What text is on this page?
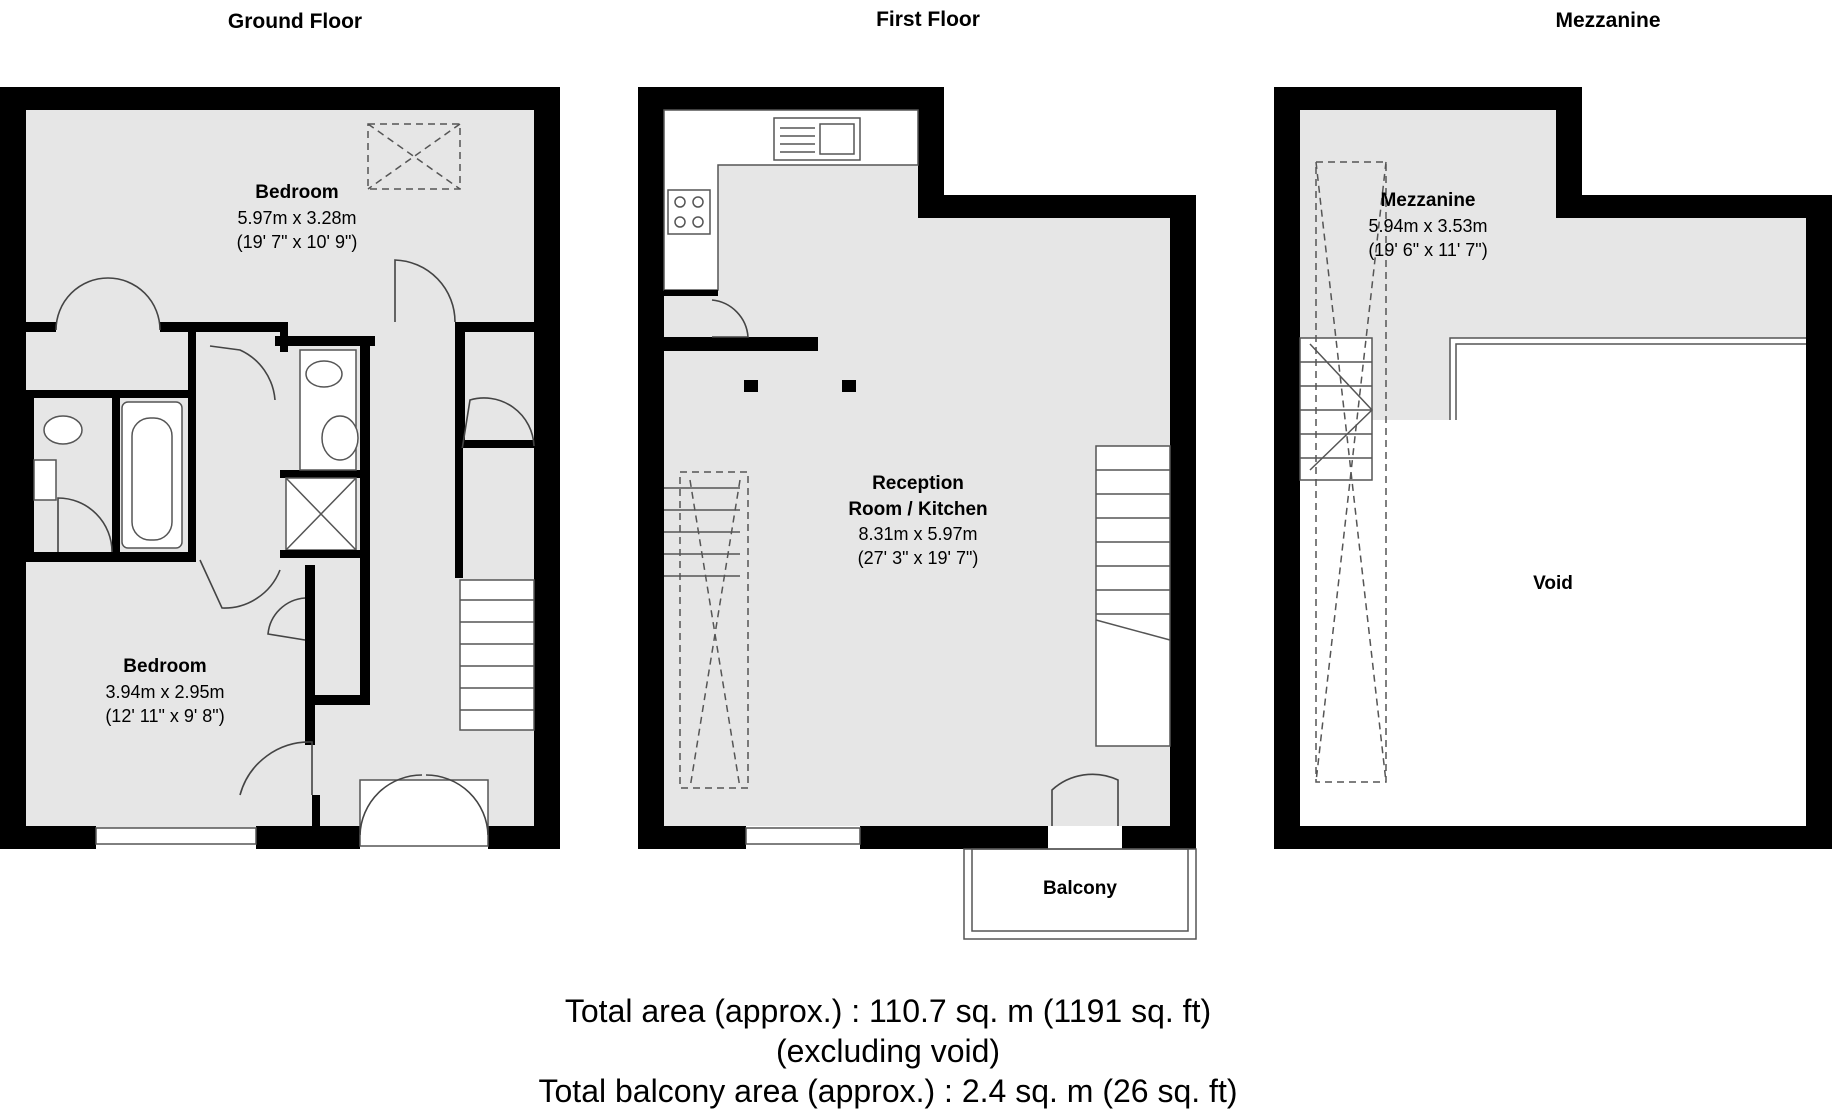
Ground Floor	First Floor	Mezzanine
Bedroom
5.97m x 3.28m
(19' 7" x 10' 9")
Bedroom
3.94m x 2.95m
(12' 11" x 9' 8")
Reception
Room / Kitchen
8.31m x 5.97m
(27' 3" x 19' 7")
Balcony
Mezzanine
5.94m x 3.53m
(19' 6" x 11' 7")
Void
Total area (approx.) : 110.7 sq. m (1191 sq. ft)
(excluding void)
Total balcony area (approx.) : 2.4 sq. m (26 sq. ft)
